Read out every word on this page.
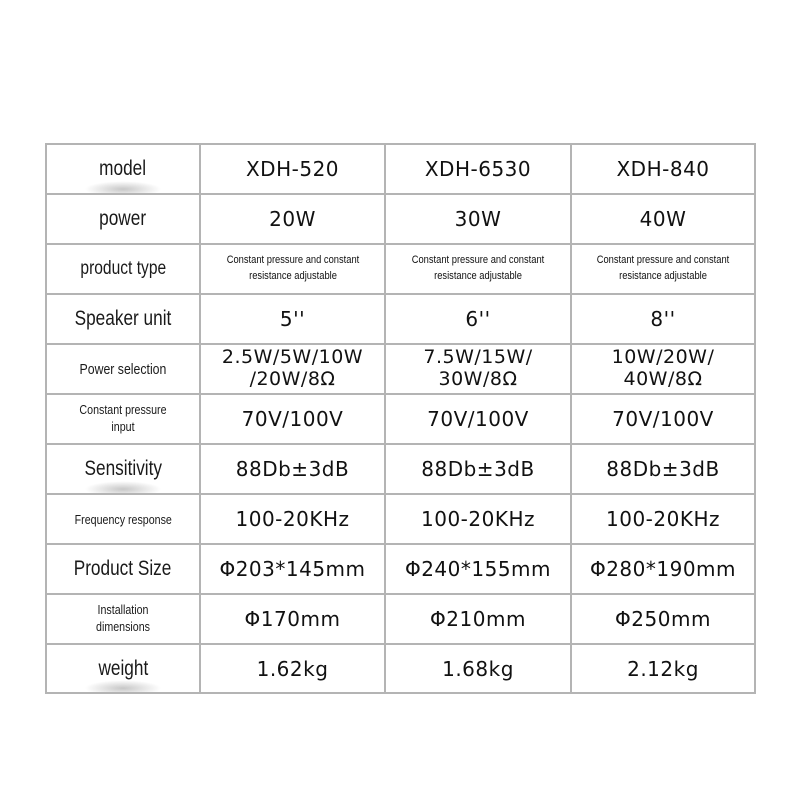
model	XDH-520	XDH-6530	XDH-840
power	20W	30W	40W
product type	Constant pressure and constant resistance adjustable	Constant pressure and constant resistance adjustable	Constant pressure and constant resistance adjustable
Speaker unit	5''	6''	8''
Power selection	2.5W/5W/10W /20W/8Ω	7.5W/15W/ 30W/8Ω	10W/20W/ 40W/8Ω
Constant pressure input	70V/100V	70V/100V	70V/100V
Sensitivity	88Db±3dB	88Db±3dB	88Db±3dB
Frequency response	100-20KHz	100-20KHz	100-20KHz
Product Size	Φ203*145mm	Φ240*155mm	Φ280*190mm
Installation dimensions	Φ170mm	Φ210mm	Φ250mm
weight	1.62kg	1.68kg	2.12kg
